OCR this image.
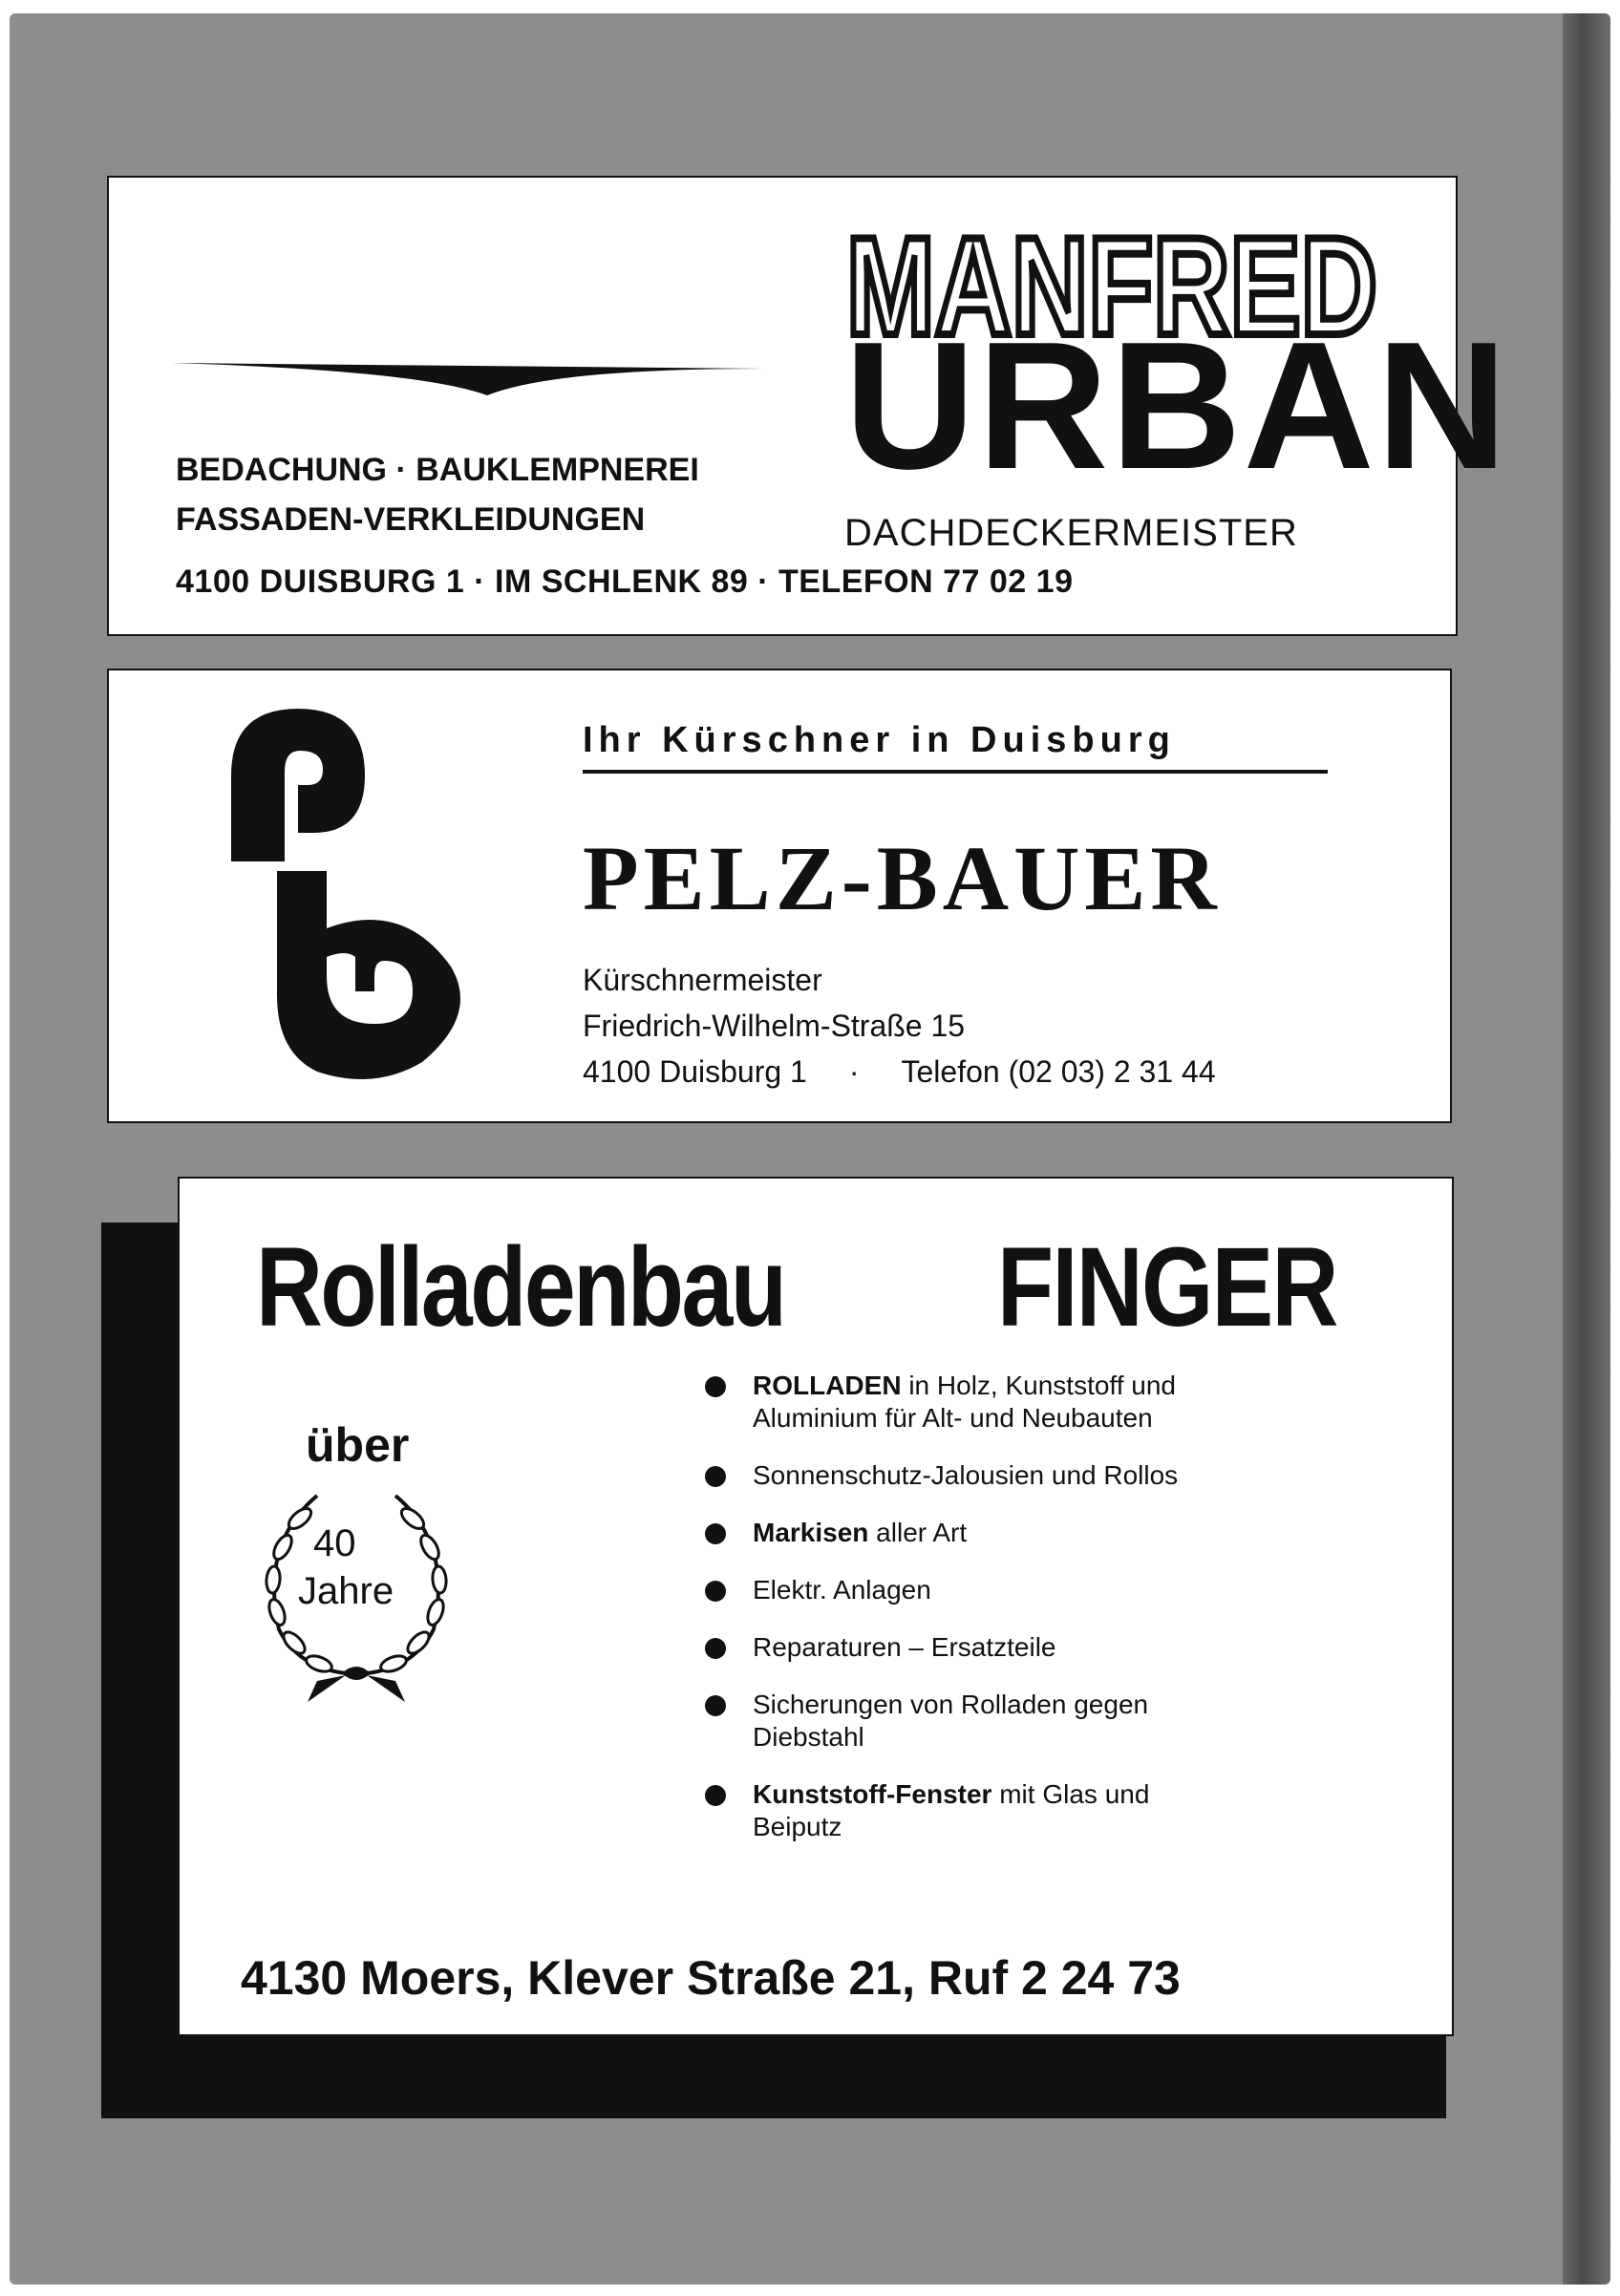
MANFRED
URBAN
DACHDECKERMEISTER
BEDACHUNG · BAUKLEMPNEREI
FASSADEN-VERKLEIDUNGEN
4100 DUISBURG 1 · IM SCHLENK 89 · TELEFON 77 02 19
Ihr Kürschner in Duisburg
PELZ-BAUER
Kürschnermeister
Friedrich-Wilhelm-Straße 15
4100 Duisburg 1 · Telefon (02 03) 2 31 44
Rolladenbau FINGER
über
40
Jahre
ROLLADEN in Holz, Kunststoff und Aluminium für Alt- und Neubauten
Sonnenschutz-Jalousien und Rollos
Markisen aller Art
Elektr. Anlagen
Reparaturen – Ersatzteile
Sicherungen von Rolladen gegen Diebstahl
Kunststoff-Fenster mit Glas und Beiputz
4130 Moers, Klever Straße 21, Ruf 2 24 73
